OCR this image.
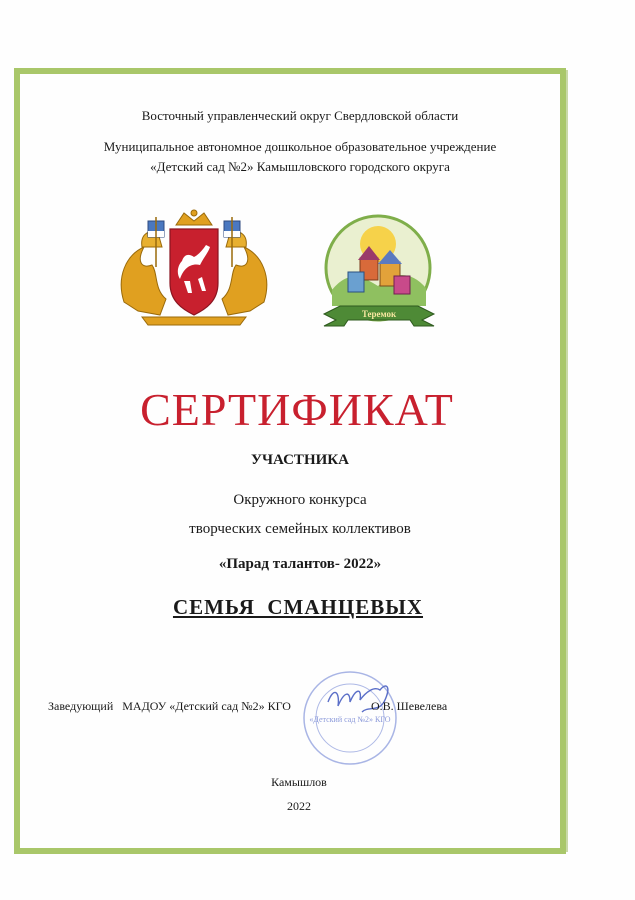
Восточный управленческий округ Свердловской области
Муниципальное автономное дошкольное образовательное учреждение
«Детский сад №2» Камышловского городского округа
Теремок
СЕРТИФИКАТ
УЧАСТНИКА
Окружного конкурса
творческих семейных коллективов
«Парад талантов- 2022»
СЕМЬЯ  СМАНЦЕВЫХ
«Детский сад №2» КГО
Заведующий   МАДОУ «Детский сад №2» КГО	О.В. Шевелева
Камышлов
2022
